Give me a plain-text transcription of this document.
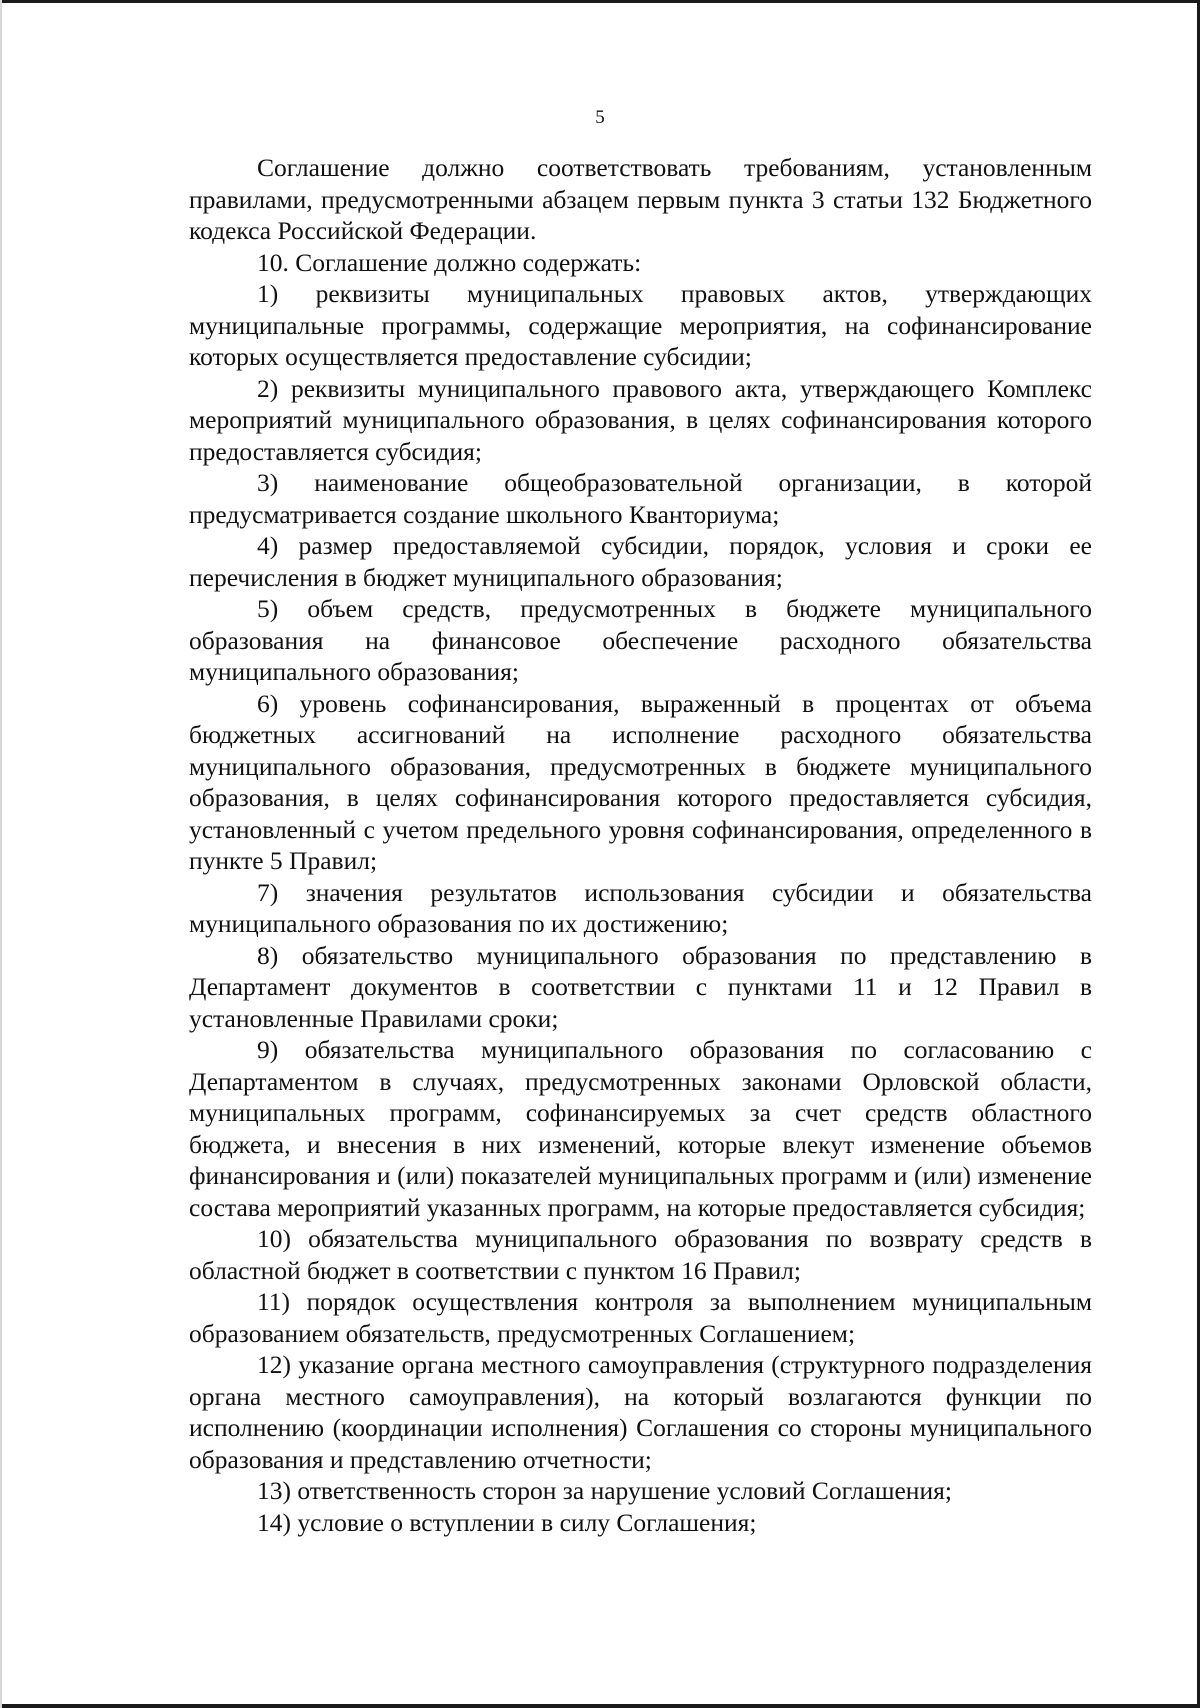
5

Соглашение должно соответствовать требованиям, установленным правилами, предусмотренными абзацем первым пункта 3 статьи 132 Бюджетного кодекса Российской Федерации.

10. Соглашение должно содержать:

1) реквизиты муниципальных правовых актов, утверждающих муниципальные программы, содержащие мероприятия, на софинансирование которых осуществляется предоставление субсидии;

2) реквизиты муниципального правового акта, утверждающего Комплекс мероприятий муниципального образования, в целях софинансирования которого предоставляется субсидия;

3) наименование общеобразовательной организации, в которой предусматривается создание школьного Кванториума;

4) размер предоставляемой субсидии, порядок, условия и сроки ее перечисления в бюджет муниципального образования;

5) объем средств, предусмотренных в бюджете муниципального образования на финансовое обеспечение расходного обязательства муниципального образования;

6) уровень софинансирования, выраженный в процентах от объема бюджетных ассигнований на исполнение расходного обязательства муниципального образования, предусмотренных в бюджете муниципального образования, в целях софинансирования которого предоставляется субсидия, установленный с учетом предельного уровня софинансирования, определенного в пункте 5 Правил;

7) значения результатов использования субсидии и обязательства муниципального образования по их достижению;

8) обязательство муниципального образования по представлению в Департамент документов в соответствии с пунктами 11 и 12 Правил в установленные Правилами сроки;

9) обязательства муниципального образования по согласованию с Департаментом в случаях, предусмотренных законами Орловской области, муниципальных программ, софинансируемых за счет средств областного бюджета, и внесения в них изменений, которые влекут изменение объемов финансирования и (или) показателей муниципальных программ и (или) изменение состава мероприятий указанных программ, на которые предоставляется субсидия;

10) обязательства муниципального образования по возврату средств в областной бюджет в соответствии с пунктом 16 Правил;

11) порядок осуществления контроля за выполнением муниципальным образованием обязательств, предусмотренных Соглашением;

12) указание органа местного самоуправления (структурного подразделения органа местного самоуправления), на который возлагаются функции по исполнению (координации исполнения) Соглашения со стороны муниципального образования и представлению отчетности;

13) ответственность сторон за нарушение условий Соглашения;

14) условие о вступлении в силу Соглашения;
